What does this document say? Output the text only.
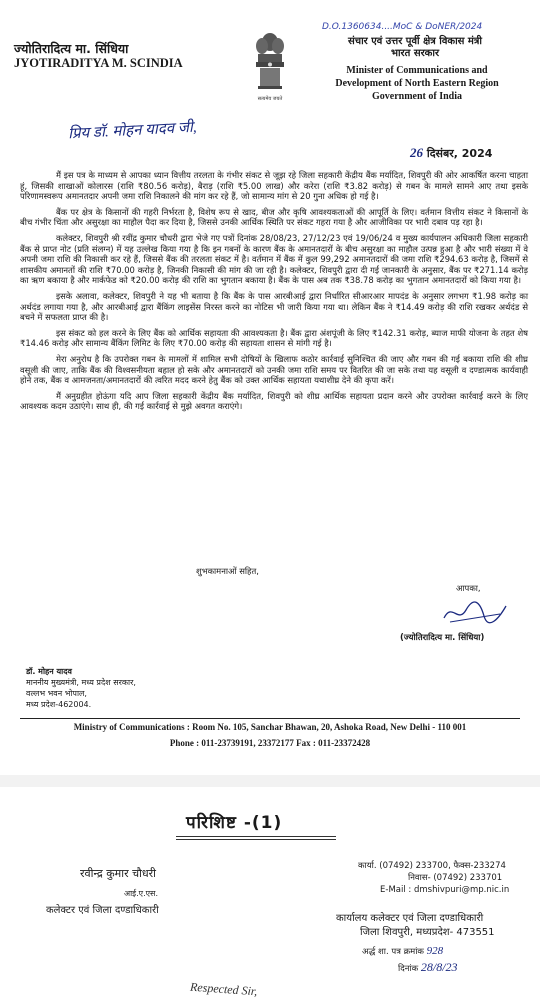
ज्योतिरादित्य मा. सिंधिया
JYOTIRADITYA M. SCINDIA
सत्यमेव जयते
D.O.1360634....MoC & DoNER/2024
संचार एवं उत्तर पूर्वी क्षेत्र विकास मंत्री
भारत सरकार
Minister of Communications and
Development of North Eastern Region
Government of India
प्रिय डॉ. मोहन यादव जी,
26 दिसंबर, 2024

मैं इस पत्र के माध्यम से आपका ध्यान वित्तीय तरलता के गंभीर संकट से जूझ रहे जिला सहकारी केंद्रीय बैंक मर्यादित, शिवपुरी की ओर आकर्षित करना चाहता हूं, जिसकी शाखाओं कोलारस (राशि ₹80.56 करोड़), बैराड़ (राशि ₹5.00 लाख) और करेरा (राशि ₹3.82 करोड़) से गबन के मामले सामने आए तथा इसके परिणामस्वरूप अमानतदार अपनी जमा राशि निकालने की मांग कर रहे हैं, जो सामान्य मांग से 20 गुना अधिक हो गई है।

बैंक पर क्षेत्र के किसानों की गहरी निर्भरता है, विशेष रूप से खाद, बीज और कृषि आवश्यकताओं की आपूर्ति के लिए। वर्तमान वित्तीय संकट ने किसानों के बीच गंभीर चिंता और असुरक्षा का माहौल पैदा कर दिया है, जिससे उनकी आर्थिक स्थिति पर संकट गहरा गया है और आजीविका पर भारी दबाव पड़ रहा है।

कलेक्टर, शिवपुरी श्री रवींद्र कुमार चौधरी द्वारा भेजे गए पत्रों दिनांक 28/08/23, 27/12/23 एवं 19/06/24 व मुख्य कार्यपालन अधिकारी जिला सहकारी बैंक से प्राप्त नोट (प्रति संलग्न) में यह उल्लेख किया गया है कि इन गबनों के कारण बैंक के अमानतदारों के बीच असुरक्षा का माहौल उत्पन्न हुआ है और भारी संख्या में वे अपनी जमा राशि की निकासी कर रहे हैं, जिससे बैंक की तरलता संकट में है। वर्तमान में बैंक में कुल 99,292 अमानतदारों की जमा राशि ₹294.63 करोड़ है, जिसमें से शासकीय अमानतों की राशि ₹70.00 करोड़ है, जिनकी निकासी की मांग की जा रही है। कलेक्टर, शिवपुरी द्वारा दी गई जानकारी के अनुसार, बैंक पर ₹271.14 करोड़ का ऋण बकाया है और मार्कफेड को ₹20.00 करोड़ की राशि का भुगतान बकाया है। बैंक के पास अब तक ₹38.78 करोड़ का भुगतान अमानतदारों को किया गया है।

इसके अलावा, कलेक्टर, शिवपुरी ने यह भी बताया है कि बैंक के पास आरबीआई द्वारा निर्धारित सीआरआर मापदंड के अनुसार लगभग ₹1.98 करोड़ का अर्थदंड लगाया गया है, और आरबीआई द्वारा बैंकिंग लाइसेंस निरस्त करने का नोटिस भी जारी किया गया था। लेकिन बैंक ने ₹14.49 करोड़ की राशि रखकर अर्थदंड से बचने में सफलता प्राप्त की है।

इस संकट को हल करने के लिए बैंक को आर्थिक सहायता की आवश्यकता है। बैंक द्वारा अंशपूंजी के लिए ₹142.31 करोड़, ब्याज माफी योजना के तहत शेष ₹14.46 करोड़ और सामान्य बैंकिंग लिमिट के लिए ₹70.00 करोड़ की सहायता शासन से मांगी गई है।

मेरा अनुरोध है कि उपरोक्त गबन के मामलों में शामिल सभी दोषियों के खिलाफ कठोर कार्रवाई सुनिश्चित की जाए और गबन की गई बकाया राशि की शीघ्र वसूली की जाए, ताकि बैंक की विश्वसनीयता बहाल हो सके और अमानतदारों को उनकी जमा राशि समय पर वितरित की जा सके तथा यह वसूली व दण्डात्मक कार्यवाही होने तक, बैंक व आमजनता/अमानतदारों की त्वरित मदद करने हेतु बैंक को उक्त आर्थिक सहायता यथाशीघ्र देने की कृपा करें।

मैं अनुग्रहीत होऊंगा यदि आप जिला सहकारी केंद्रीय बैंक मर्यादित, शिवपुरी को शीघ्र आर्थिक सहायता प्रदान करने और उपरोक्त कार्रवाई करने के लिए आवश्यक कदम उठाएंगे। साथ ही, की गई कार्रवाई से मुझे अवगत कराएंगे।

शुभकामनाओं सहित,
आपका,
(ज्योतिरादित्य मा. सिंधिया)
डॉ. मोहन यादव
माननीय मुख्यमंत्री, मध्य प्रदेश सरकार,
वल्लभ भवन भोपाल,
मध्य प्रदेश-462004.
Ministry of Communications : Room No. 105, Sanchar Bhawan, 20, Ashoka Road, New Delhi - 110 001
Phone : 011-23739191, 23372177 Fax : 011-23372428
परिशिष्ट -(1)
रवीन्द्र कुमार चौधरी
आई.ए.एस.
कलेक्टर एवं जिला दण्डाधिकारी
कार्या. (07492) 233700, फैक्स-233274
निवास- (07492) 233701
E-Mail : dmshivpuri@mp.nic.in
कार्यालय कलेक्टर एवं जिला दण्डाधिकारी
जिला शिवपुरी, मध्यप्रदेश- 473551
अर्द्ध शा. पत्र क्रमांक 928
दिनांक 28/8/23
Respected Sir,
